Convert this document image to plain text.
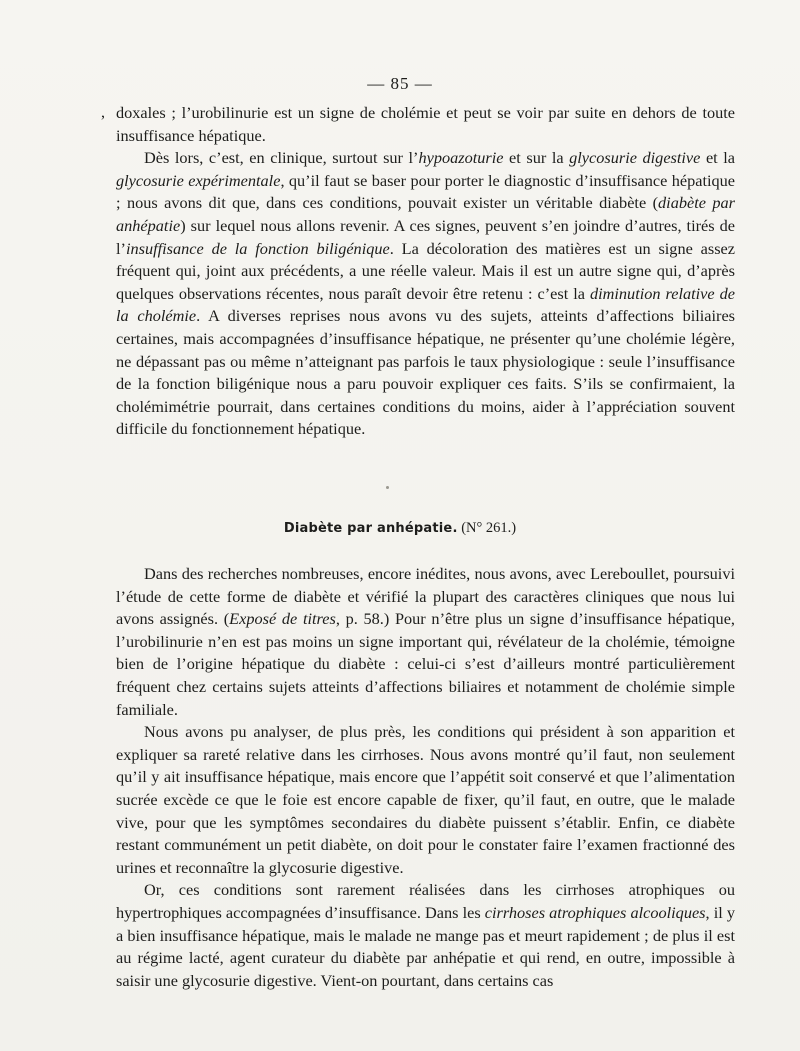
— 85 —
, doxales ; l’urobilinurie est un signe de cholémie et peut se voir par suite en dehors de toute insuffisance hépatique.

Dès lors, c’est, en clinique, surtout sur l’hypoazoturie et sur la glycosurie digestive et la glycosurie expérimentale, qu’il faut se baser pour porter le diagnostic d’insuffisance hépatique ; nous avons dit que, dans ces conditions, pouvait exister un véritable diabète (diabète par anhépatie) sur lequel nous allons revenir. A ces signes, peuvent s’en joindre d’autres, tirés de l’insuffisance de la fonction biligénique. La décoloration des matières est un signe assez fréquent qui, joint aux précédents, a une réelle valeur. Mais il est un autre signe qui, d’après quelques observations récentes, nous paraît devoir être retenu : c’est la diminution relative de la cholémie. A diverses reprises nous avons vu des sujets, atteints d’affections biliaires certaines, mais accompagnées d’insuffisance hépatique, ne présenter qu’une cholémie légère, ne dépassant pas ou même n’atteignant pas parfois le taux physiologique : seule l’insuffisance de la fonction biligénique nous a paru pouvoir expliquer ces faits. S’ils se confirmaient, la cholémimétrie pourrait, dans certaines conditions du moins, aider à l’appréciation souvent difficile du fonctionnement hépatique.

Diabète par anhépatie. (N° 261.)

Dans des recherches nombreuses, encore inédites, nous avons, avec Lereboullet, poursuivi l’étude de cette forme de diabète et vérifié la plupart des caractères cliniques que nous lui avons assignés. (Exposé de titres, p. 58.) Pour n’être plus un signe d’insuffisance hépatique, l’urobilinurie n’en est pas moins un signe important qui, révélateur de la cholémie, témoigne bien de l’origine hépatique du diabète : celui-ci s’est d’ailleurs montré particulièrement fréquent chez certains sujets atteints d’affections biliaires et notamment de cholémie simple familiale.

Nous avons pu analyser, de plus près, les conditions qui président à son apparition et expliquer sa rareté relative dans les cirrhoses. Nous avons montré qu’il faut, non seulement qu’il y ait insuffisance hépatique, mais encore que l’appétit soit conservé et que l’alimentation sucrée excède ce que le foie est encore capable de fixer, qu’il faut, en outre, que le malade vive, pour que les symptômes secondaires du diabète puissent s’établir. Enfin, ce diabète restant communément un petit diabète, on doit pour le constater faire l’examen fractionné des urines et reconnaître la glycosurie digestive.

Or, ces conditions sont rarement réalisées dans les cirrhoses atrophiques ou hypertrophiques accompagnées d’insuffisance. Dans les cirrhoses atrophiques alcooliques, il y a bien insuffisance hépatique, mais le malade ne mange pas et meurt rapidement ; de plus il est au régime lacté, agent curateur du diabète par anhépatie et qui rend, en outre, impossible à saisir une glycosurie digestive. Vient-on pourtant, dans certains cas
